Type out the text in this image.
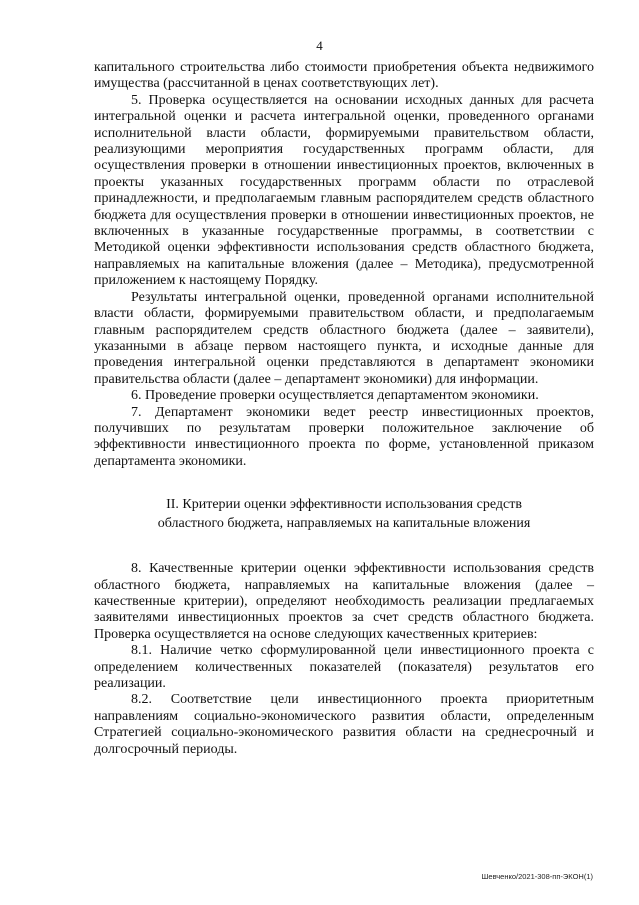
4

капитального строительства либо стоимости приобретения объекта недвижимого имущества (рассчитанной в ценах соответствующих лет).

5. Проверка осуществляется на основании исходных данных для расчета интегральной оценки и расчета интегральной оценки, проведенного органами исполнительной власти области, формируемыми правительством области, реализующими мероприятия государственных программ области, для осуществления проверки в отношении инвестиционных проектов, включенных в проекты указанных государственных программ области по отраслевой принадлежности, и предполагаемым главным распорядителем средств областного бюджета для осуществления проверки в отношении инвестиционных проектов, не включенных в указанные государственные программы, в соответствии с Методикой оценки эффективности использования средств областного бюджета, направляемых на капитальные вложения (далее – Методика), предусмотренной приложением к настоящему Порядку.

Результаты интегральной оценки, проведенной органами исполнительной власти области, формируемыми правительством области, и предполагаемым главным распорядителем средств областного бюджета (далее – заявители), указанными в абзаце первом настоящего пункта, и исходные данные для проведения интегральной оценки представляются в департамент экономики правительства области (далее – департамент экономики) для информации.

6. Проведение проверки осуществляется департаментом экономики.

7. Департамент экономики ведет реестр инвестиционных проектов, получивших по результатам проверки положительное заключение об эффективности инвестиционного проекта по форме, установленной приказом департамента экономики.

II. Критерии оценки эффективности использования средств
областного бюджета, направляемых на капитальные вложения

8. Качественные критерии оценки эффективности использования средств областного бюджета, направляемых на капитальные вложения (далее – качественные критерии), определяют необходимость реализации предлагаемых заявителями инвестиционных проектов за счет средств областного бюджета. Проверка осуществляется на основе следующих качественных критериев:

8.1. Наличие четко сформулированной цели инвестиционного проекта с определением количественных показателей (показателя) результатов его реализации.

8.2. Соответствие цели инвестиционного проекта приоритетным направлениям социально-экономического развития области, определенным Стратегией социально-экономического развития области на среднесрочный и долгосрочный периоды.

Шевченко/2021-308-пп-ЭКОН(1)
